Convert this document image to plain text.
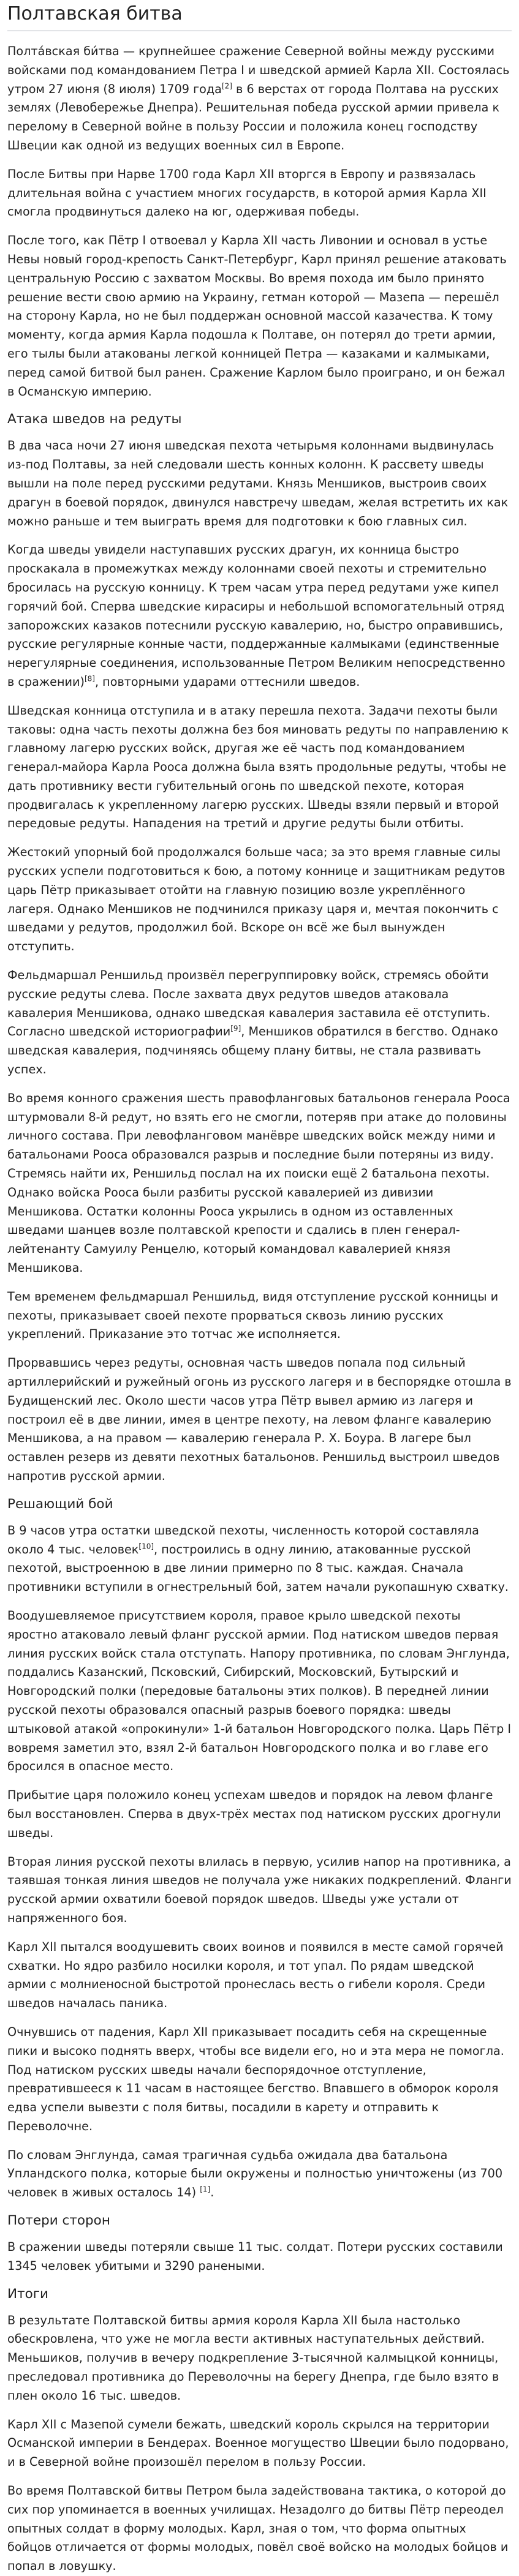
Полтавская битва

Полта́вская би́тва — крупнейшее сражение Северной войны между русскими войсками под командованием Петра I и шведской армией Карла XII. Состоялась утром 27 июня (8 июля) 1709 года[2] в 6 верстах от города Полтава на русских землях (Левобережье Днепра). Решительная победа русской армии привела к перелому в Северной войне в пользу России и положила конец господству Швеции как одной из ведущих военных сил в Европе.

После Битвы при Нарве 1700 года Карл XII вторгся в Европу и развязалась длительная война с участием многих государств, в которой армия Карла XII смогла продвинуться далеко на юг, одерживая победы.

После того, как Пётр I отвоевал у Карла XII часть Ливонии и основал в устье Невы новый город-крепость Санкт-Петербург, Карл принял решение атаковать центральную Россию с захватом Москвы. Во время похода им было принято решение вести свою армию на Украину, гетман которой — Мазепа — перешёл на сторону Карла, но не был поддержан основной массой казачества. К тому моменту, когда армия Карла подошла к Полтаве, он потерял до трети армии, его тылы были атакованы легкой конницей Петра — казаками и калмыками, перед самой битвой был ранен. Сражение Карлом было проиграно, и он бежал в Османскую империю.

Атака шведов на редуты

В два часа ночи 27 июня шведская пехота четырьмя колоннами выдвинулась из-под Полтавы, за ней следовали шесть конных колонн. К рассвету шведы вышли на поле перед русскими редутами. Князь Меншиков, выстроив своих драгун в боевой порядок, двинулся навстречу шведам, желая встретить их как можно раньше и тем выиграть время для подготовки к бою главных сил.

Когда шведы увидели наступавших русских драгун, их конница быстро проскакала в промежутках между колоннами своей пехоты и стремительно бросилась на русскую конницу. К трем часам утра перед редутами уже кипел горячий бой. Сперва шведские кирасиры и небольшой вспомогательный отряд запорожских казаков потеснили русскую кавалерию, но, быстро оправившись, русские регулярные конные части, поддержанные калмыками (единственные нерегулярные соединения, использованные Петром Великим непосредственно в сражении)[8], повторными ударами оттеснили шведов.

Шведская конница отступила и в атаку перешла пехота. Задачи пехоты были таковы: одна часть пехоты должна без боя миновать редуты по направлению к главному лагерю русских войск, другая же её часть под командованием генерал-майора Карла Рооса должна была взять продольные редуты, чтобы не дать противнику вести губительный огонь по шведской пехоте, которая продвигалась к укрепленному лагерю русских. Шведы взяли первый и второй передовые редуты. Нападения на третий и другие редуты были отбиты.

Жестокий упорный бой продолжался больше часа; за это время главные силы русских успели подготовиться к бою, а потому коннице и защитникам редутов царь Пётр приказывает отойти на главную позицию возле укреплённого лагеря. Однако Меншиков не подчинился приказу царя и, мечтая покончить с шведами у редутов, продолжил бой. Вскоре он всё же был вынужден отступить.

Фельдмаршал Реншильд произвёл перегруппировку войск, стремясь обойти русские редуты слева. После захвата двух редутов шведов атаковала кавалерия Меншикова, однако шведская кавалерия заставила её отступить. Согласно шведской историографии[9], Меншиков обратился в бегство. Однако шведская кавалерия, подчиняясь общему плану битвы, не стала развивать успех.

Во время конного сражения шесть правофланговых батальонов генерала Рооса штурмовали 8-й редут, но взять его не смогли, потеряв при атаке до половины личного состава. При левофланговом манёвре шведских войск между ними и батальонами Рооса образовался разрыв и последние были потеряны из виду. Стремясь найти их, Реншильд послал на их поиски ещё 2 батальона пехоты. Однако войска Рооса были разбиты русской кавалерией из дивизии Меншикова. Остатки колонны Рооса укрылись в одном из оставленных шведами шанцев возле полтавской крепости и сдались в плен генерал-лейтенанту Самуилу Ренцелю, который командовал кавалерией князя Меншикова.

Тем временем фельдмаршал Реншильд, видя отступление русской конницы и пехоты, приказывает своей пехоте прорваться сквозь линию русских укреплений. Приказание это тотчас же исполняется.

Прорвавшись через редуты, основная часть шведов попала под сильный артиллерийский и ружейный огонь из русского лагеря и в беспорядке отошла в Будищенский лес. Около шести часов утра Пётр вывел армию из лагеря и построил её в две линии, имея в центре пехоту, на левом фланге кавалерию Меншикова, а на правом — кавалерию генерала Р. Х. Боура. В лагере был оставлен резерв из девяти пехотных батальонов. Реншильд выстроил шведов напротив русской армии.

Решающий бой

В 9 часов утра остатки шведской пехоты, численность которой составляла около 4 тыс. человек[10], построились в одну линию, атакованные русской пехотой, выстроенною в две линии примерно по 8 тыс. каждая. Сначала противники вступили в огнестрельный бой, затем начали рукопашную схватку.

Воодушевляемое присутствием короля, правое крыло шведской пехоты яростно атаковало левый фланг русской армии. Под натиском шведов первая линия русских войск стала отступать. Напору противника, по словам Энглунда, поддались Казанский, Псковский, Сибирский, Московский, Бутырский и Новгородский полки (передовые батальоны этих полков). В передней линии русской пехоты образовался опасный разрыв боевого порядка: шведы штыковой атакой «опрокинули» 1-й батальон Новгородского полка. Царь Пётр I вовремя заметил это, взял 2-й батальон Новгородского полка и во главе его бросился в опасное место.

Прибытие царя положило конец успехам шведов и порядок на левом фланге был восстановлен. Сперва в двух-трёх местах под натиском русских дрогнули шведы.

Вторая линия русской пехоты влилась в первую, усилив напор на противника, а таявшая тонкая линия шведов не получала уже никаких подкреплений. Фланги русской армии охватили боевой порядок шведов. Шведы уже устали от напряженного боя.

Карл XII пытался воодушевить своих воинов и появился в месте самой горячей схватки. Но ядро разбило носилки короля, и тот упал. По рядам шведской армии с молниеносной быстротой пронеслась весть о гибели короля. Среди шведов началась паника.

Очнувшись от падения, Карл XII приказывает посадить себя на скрещенные пики и высоко поднять вверх, чтобы все видели его, но и эта мера не помогла. Под натиском русских шведы начали беспорядочное отступление, превратившееся к 11 часам в настоящее бегство. Впавшего в обморок короля едва успели вывезти с поля битвы, посадили в карету и отправить к Переволочне.

По словам Энглунда, самая трагичная судьба ожидала два батальона Упландского полка, которые были окружены и полностью уничтожены (из 700 человек в живых осталось 14) [1].

Потери сторон

В сражении шведы потеряли свыше 11 тыс. солдат. Потери русских составили 1345 человек убитыми и 3290 ранеными.

Итоги

В результате Полтавской битвы армия короля Карла XII была настолько обескровлена, что уже не могла вести активных наступательных действий. Меньшиков, получив в вечеру подкрепление 3-тысячной калмыцкой конницы, преследовал противника до Переволочны на берегу Днепра, где было взято в плен около 16 тыс. шведов.

Карл XII с Мазепой сумели бежать, шведский король скрылся на территории Османской империи в Бендерах. Военное могущество Швеции было подорвано, и в Северной войне произошёл перелом в пользу России.

Во время Полтавской битвы Петром была задействована тактика, о которой до сих пор упоминается в военных училищах. Незадолго до битвы Пётр переодел опытных солдат в форму молодых. Карл, зная о том, что форма опытных бойцов отличается от формы молодых, повёл своё войско на молодых бойцов и попал в ловушку.
